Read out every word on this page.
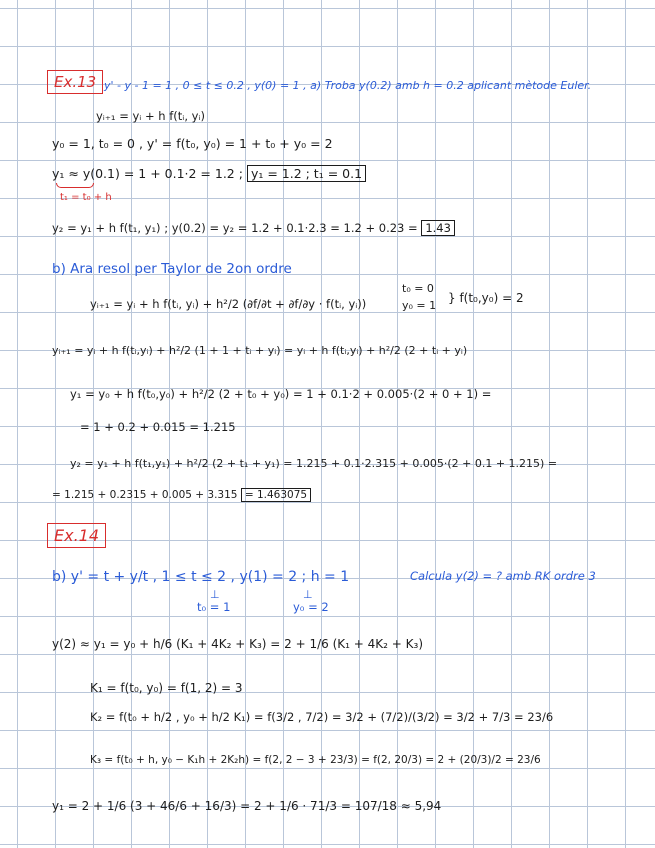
Ex.13 y' - y - 1 = 1 , 0 ≤ t ≤ 0.2 , y(0) = 1 , a) Troba y(0.2) amb h = 0.2 aplicant mètode Euler.
yᵢ₊₁ = yᵢ + h f(tᵢ, yᵢ)
y₀ = 1, t₀ = 0 , y' = f(t₀, y₀) = 1 + t₀ + y₀ = 2
y₁ ≈ y(0.1) = 1 + 0.1·2 = 1.2 ; y₁ = 1.2 ; t₁ = 0.1
t₁ = t₀ + h
y₂ = y₁ + h f(t₁, y₁) ; y(0.2) = y₂ = 1.2 + 0.1·2.3 = 1.2 + 0.23 = 1.43
b) Ara resol per Taylor de 2on ordre
yᵢ₊₁ = yᵢ + h f(tᵢ, yᵢ) + h²/2 (∂f/∂t + ∂f/∂y · f(tᵢ, yᵢ))
t₀ = 0
y₀ = 1
} f(t₀,y₀) = 2
yᵢ₊₁ = yᵢ + h f(tᵢ,yᵢ) + h²/2 (1 + 1 + tᵢ + yᵢ) = yᵢ + h f(tᵢ,yᵢ) + h²/2 (2 + tᵢ + yᵢ)
y₁ = y₀ + h f(t₀,y₀) + h²/2 (2 + t₀ + y₀) = 1 + 0.1·2 + 0.005·(2 + 0 + 1) =
= 1 + 0.2 + 0.015 = 1.215
y₂ = y₁ + h f(t₁,y₁) + h²/2 (2 + t₁ + y₁) = 1.215 + 0.1·2.315 + 0.005·(2 + 0.1 + 1.215) =
= 1.215 + 0.2315 + 0.005 + 3.315 = 1.463075
Ex.14
b) y' = t + y/t , 1 ≤ t ≤ 2 , y(1) = 2 ; h = 1	Calcula y(2) = ? amb RK ordre 3
⊥
t₀ = 1
⊥
y₀ = 2
y(2) ≈ y₁ = y₀ + h/6 (K₁ + 4K₂ + K₃) = 2 + 1/6 (K₁ + 4K₂ + K₃)
K₁ = f(t₀, y₀) = f(1, 2) = 3
K₂ = f(t₀ + h/2 , y₀ + h/2 K₁) = f(3/2 , 7/2) = 3/2 + (7/2)/(3/2) = 3/2 + 7/3 = 23/6
K₃ = f(t₀ + h, y₀ − K₁h + 2K₂h) = f(2, 2 − 3 + 23/3) = f(2, 20/3) = 2 + (20/3)/2 = 23/6
y₁ = 2 + 1/6 (3 + 46/6 + 16/3) = 2 + 1/6 · 71/3 = 107/18 ≈ 5,94
